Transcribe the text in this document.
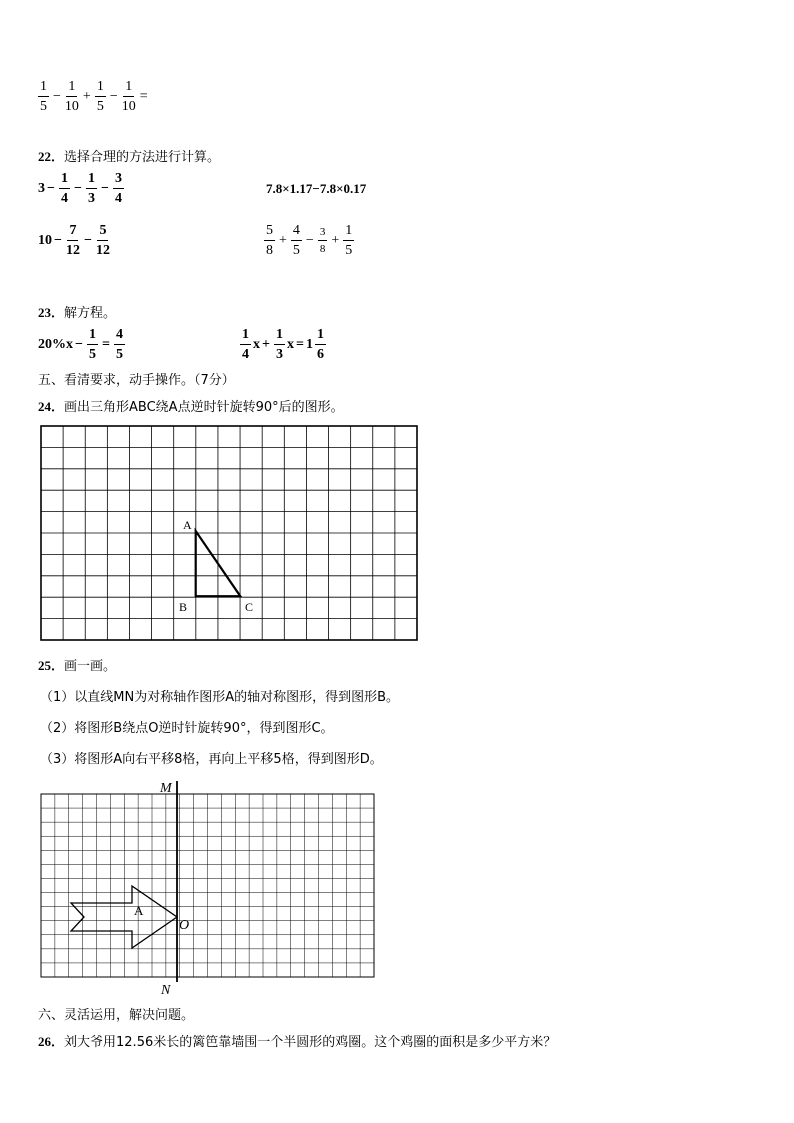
$\frac{1}{5} - \frac{1}{10} + \frac{1}{5} - \frac{1}{10}$ =
22．选择合理的方法进行计算。
$3 - \frac{1}{4} - \frac{1}{3} - \frac{3}{4}$	7.8×1.17−7.8×0.17
$10 - \frac{7}{12} - \frac{5}{12}$	$\frac{5}{8} + \frac{4}{5} - \frac{3}{8} + \frac{1}{5}$
23．解方程。
$20\%x - \frac{1}{5} = \frac{4}{5}$	$\frac{1}{4}$ $x + \frac{1}{3}$ $x = 1 \frac{1}{6}$
五、看清要求，动手操作。（7分）
24．画出三角形ABC绕A点逆时针旋转90°后的图形。
A
B	C
25．画一画。
（1）以直线MN为对称轴作图形A的轴对称图形，得到图形B。
（2）将图形B绕点O逆时针旋转90°，得到图形C。
（3）将图形A向右平移8格，再向上平移5格，得到图形D。
M
N
O
A
六、灵活运用，解决问题。
26．刘大爷用12.56米长的篱笆靠墙围一个半圆形的鸡圈。这个鸡圈的面积是多少平方米？
